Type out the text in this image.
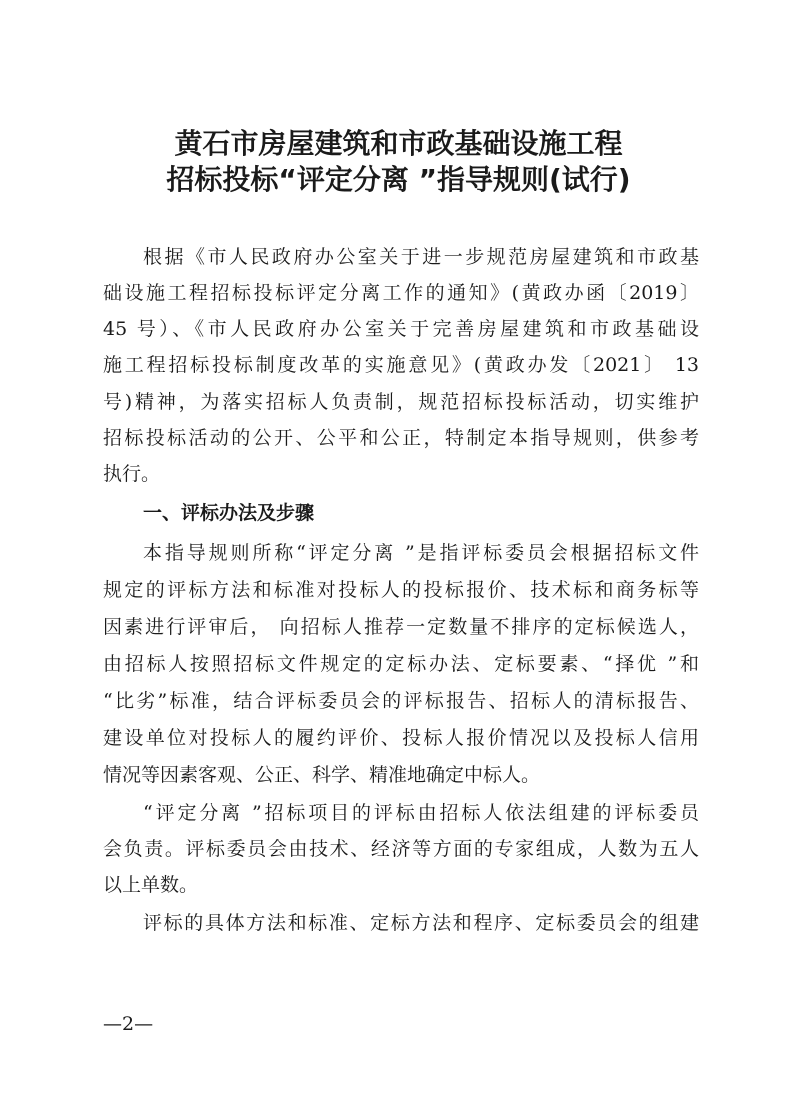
黄石市房屋建筑和市政基础设施工程
招标投标“评定分离 ”指导规则(试行)

根据《市人民政府办公室关于进一步规范房屋建筑和市政基

础设施工程招标投标评定分离工作的通知》(黄政办函〔2019〕

45 号）、《市人民政府办公室关于完善房屋建筑和市政基础设

施工程招标投标制度改革的实施意见》(黄政办发〔2021〕 13

号)精神，为落实招标人负责制，规范招标投标活动，切实维护

招标投标活动的公开、公平和公正，特制定本指导规则，供参考

执行。

一、评标办法及步骤

本指导规则所称“评定分离 ”是指评标委员会根据招标文件

规定的评标方法和标准对投标人的投标报价、技术标和商务标等

因素进行评审后， 向招标人推荐一定数量不排序的定标候选人，

由招标人按照招标文件规定的定标办法、定标要素、“择优 ”和

“比劣”标准，结合评标委员会的评标报告、招标人的清标报告、

建设单位对投标人的履约评价、投标人报价情况以及投标人信用

情况等因素客观、公正、科学、精准地确定中标人。

“评定分离 ”招标项目的评标由招标人依法组建的评标委员

会负责。评标委员会由技术、经济等方面的专家组成，人数为五人

以上单数。

评标的具体方法和标准、定标方法和程序、定标委员会的组建

—2—
